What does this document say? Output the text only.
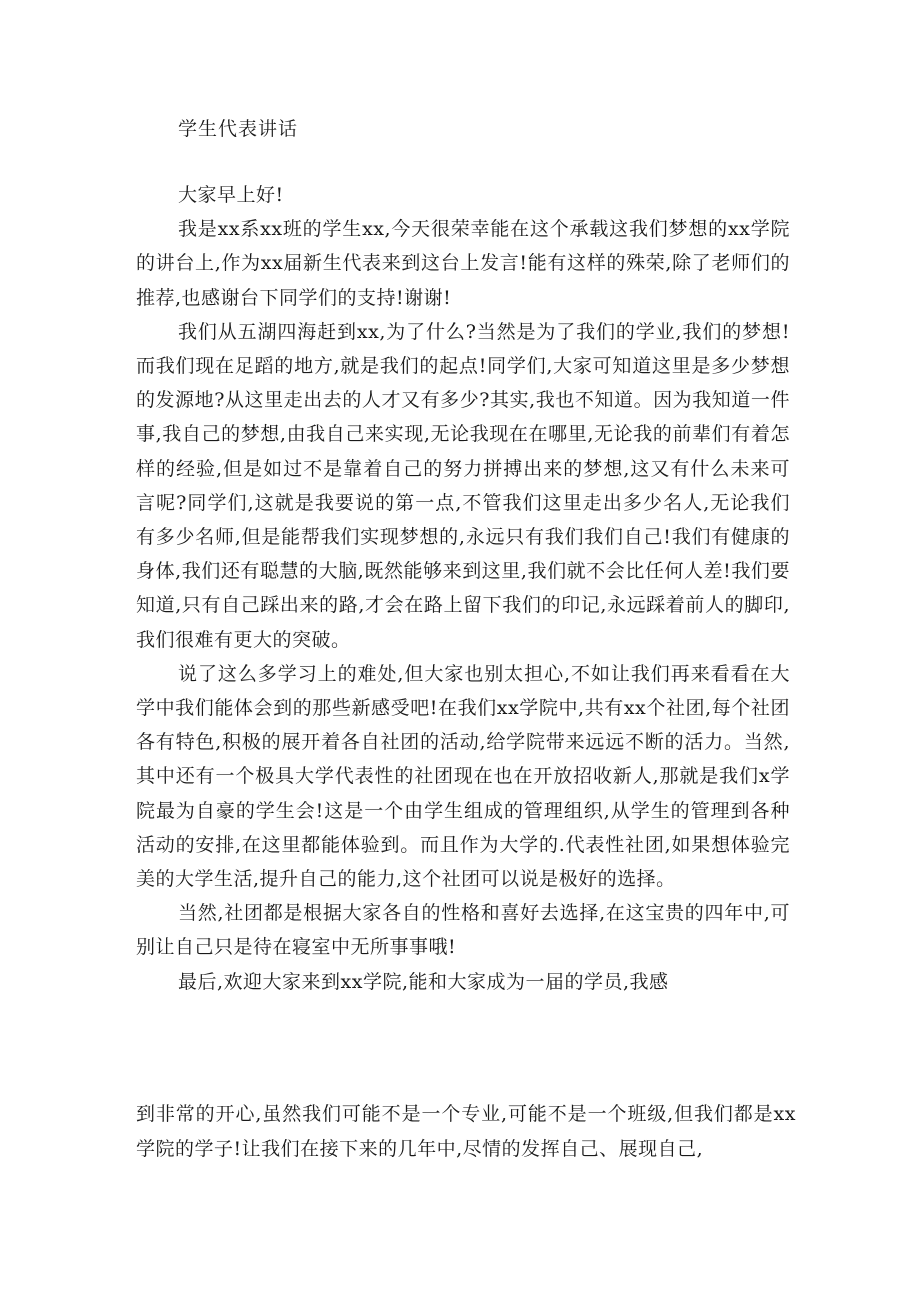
学生代表讲话

大家早上好!

我是xx系xx班的学生xx,今天很荣幸能在这个承载这我们梦想的xx学院的讲台上,作为xx届新生代表来到这台上发言!能有这样的殊荣,除了老师们的推荐,也感谢台下同学们的支持!谢谢!

我们从五湖四海赶到xx,为了什么?当然是为了我们的学业,我们的梦想!而我们现在足蹈的地方,就是我们的起点!同学们,大家可知道这里是多少梦想的发源地?从这里走出去的人才又有多少?其实,我也不知道。因为我知道一件事,我自己的梦想,由我自己来实现,无论我现在在哪里,无论我的前辈们有着怎样的经验,但是如过不是靠着自己的努力拼搏出来的梦想,这又有什么未来可言呢?同学们,这就是我要说的第一点,不管我们这里走出多少名人,无论我们有多少名师,但是能帮我们实现梦想的,永远只有我们我们自己!我们有健康的身体,我们还有聪慧的大脑,既然能够来到这里,我们就不会比任何人差!我们要知道,只有自己踩出来的路,才会在路上留下我们的印记,永远踩着前人的脚印,我们很难有更大的突破。

说了这么多学习上的难处,但大家也别太担心,不如让我们再来看看在大学中我们能体会到的那些新感受吧!在我们xx学院中,共有xx个社团,每个社团各有特色,积极的展开着各自社团的活动,给学院带来远远不断的活力。当然,其中还有一个极具大学代表性的社团现在也在开放招收新人,那就是我们x学院最为自豪的学生会!这是一个由学生组成的管理组织,从学生的管理到各种活动的安排,在这里都能体验到。而且作为大学的.代表性社团,如果想体验完美的大学生活,提升自己的能力,这个社团可以说是极好的选择。

当然,社团都是根据大家各自的性格和喜好去选择,在这宝贵的四年中,可别让自己只是待在寝室中无所事事哦!

最后,欢迎大家来到xx学院,能和大家成为一届的学员,我感

到非常的开心,虽然我们可能不是一个专业,可能不是一个班级,但我们都是xx学院的学子!让我们在接下来的几年中,尽情的发挥自己、展现自己,
